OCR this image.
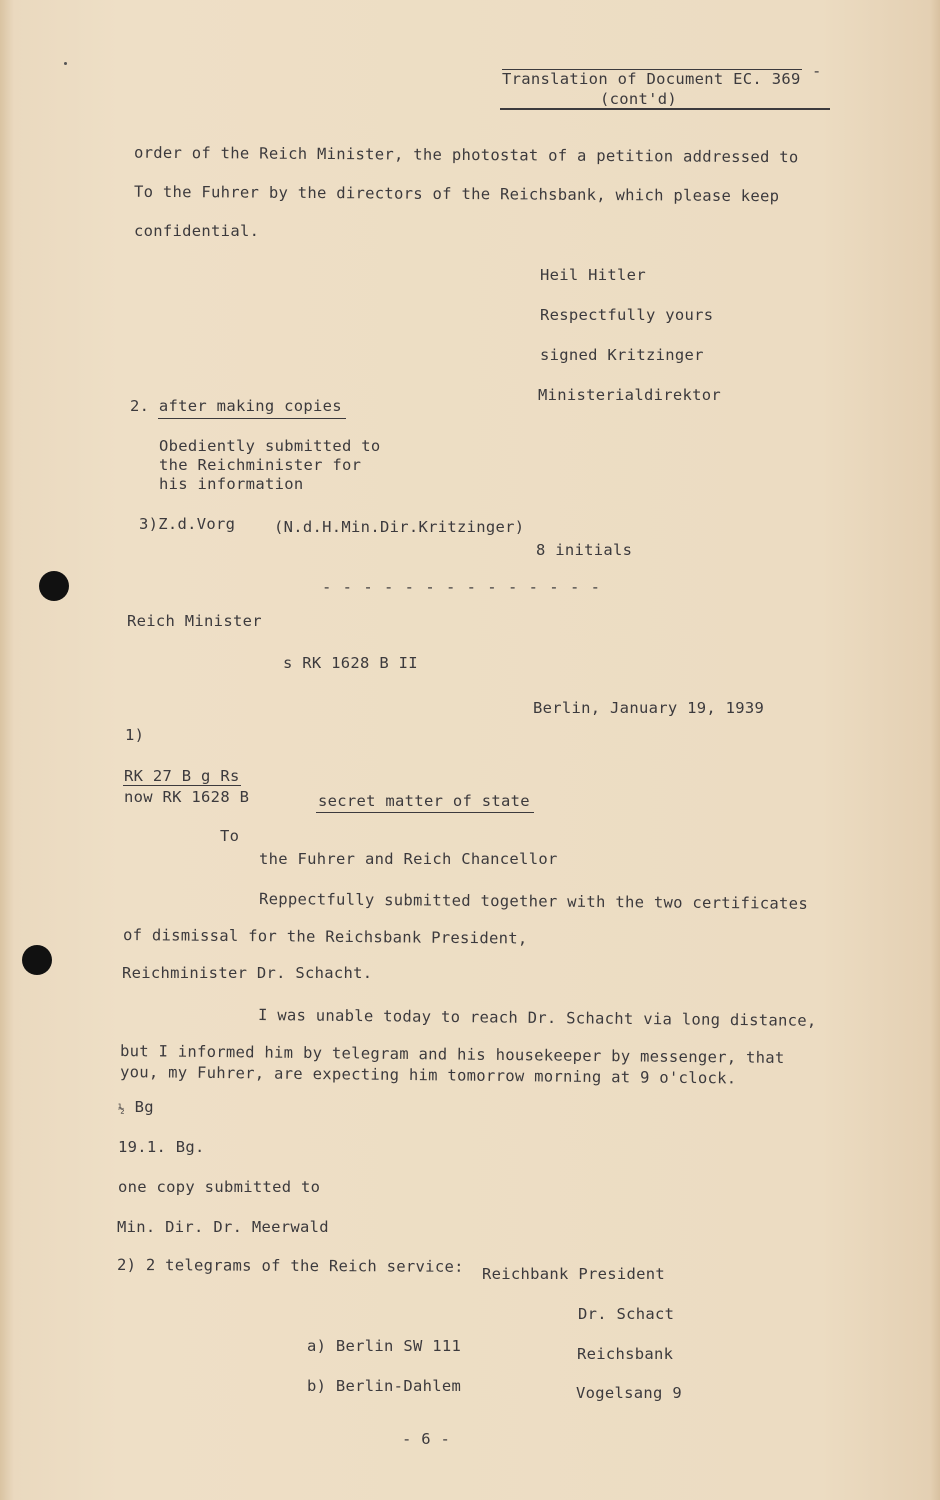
Translation of Document EC. 369 -
(cont'd)
order of the Reich Minister, the photostat of a petition addressed to
To the Fuhrer by the directors of the Reichsbank, which please keep
confidential.
Heil Hitler
Respectfully yours
signed Kritzinger
Ministerialdirektor
2. after making copies
Obediently submitted to
the Reichminister for
his information
3)Z.d.Vorg (N.d.H.Min.Dir.Kritzinger)
8 initials
- - - - - - - - - - - - - -
Reich Minister
s RK 1628 B II
Berlin, January 19, 1939
1)
RK 27 B g Rs
now RK 1628 B	secret matter of state
To
the Fuhrer and Reich Chancellor
Reppectfully submitted together with the two certificates
of dismissal for the Reichsbank President,
Reichminister Dr. Schacht.
I was unable today to reach Dr. Schacht via long distance,
but I informed him by telegram and his housekeeper by messenger, that
you, my Fuhrer, are expecting him tomorrow morning at 9 o'clock.
½ Bg
19.1. Bg.
one copy submitted to
Min. Dir. Dr. Meerwald
2) 2 telegrams of the Reich service: Reichbank President
Dr. Schact
a) Berlin SW 111	Reichsbank
b) Berlin-Dahlem	Vogelsang 9
- 6 -
